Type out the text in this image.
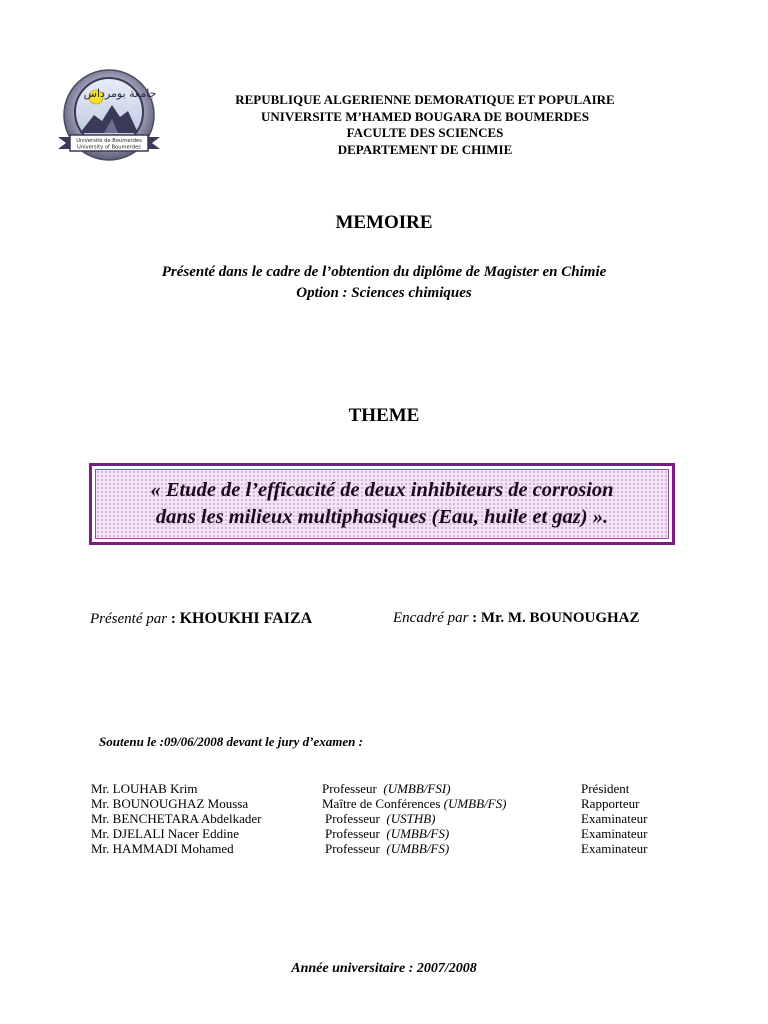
جامعة بومرداس
Université de Boumerdes
University of Boumerdes
REPUBLIQUE ALGERIENNE DEMORATIQUE ET POPULAIRE
UNIVERSITE M’HAMED BOUGARA DE BOUMERDES
FACULTE DES SCIENCES
DEPARTEMENT DE CHIMIE
MEMOIRE
Présenté dans le cadre de l’obtention du diplôme de Magister en Chimie
Option : Sciences chimiques
THEME
« Etude de l’efficacité de deux inhibiteurs de corrosion
dans les milieux multiphasiques (Eau, huile et gaz) ».
Présenté par : KHOUKHI FAIZA	Encadré par : Mr. M. BOUNOUGHAZ
Soutenu le :09/06/2008 devant le jury d’examen :
Mr. LOUHAB Krim	Professeur (UMBB/FSI)	Président
Mr. BOUNOUGHAZ Moussa	Maître de Conférences (UMBB/FS)	Rapporteur
Mr. BENCHETARA Abdelkader	Professeur (USTHB)	Examinateur
Mr. DJELALI Nacer Eddine	Professeur (UMBB/FS)	Examinateur
Mr. HAMMADI Mohamed	Professeur (UMBB/FS)	Examinateur
Année universitaire : 2007/2008
